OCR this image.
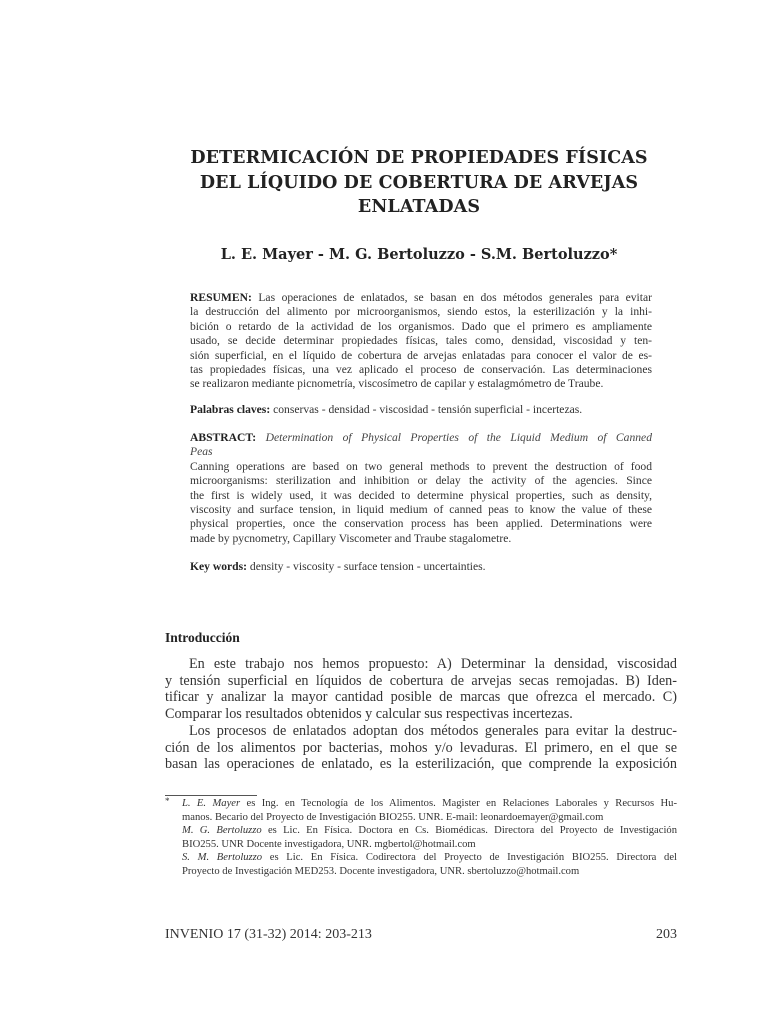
DETERMICACIÓN DE PROPIEDADES FÍSICAS
DEL LÍQUIDO DE COBERTURA DE ARVEJAS
ENLATADAS
L. E. Mayer - M. G. Bertoluzzo - S.M. Bertoluzzo*
RESUMEN: Las operaciones de enlatados, se basan en dos métodos generales para evitar
la destrucción del alimento por microorganismos, siendo estos, la esterilización y la inhi-
bición o retardo de la actividad de los organismos. Dado que el primero es ampliamente
usado, se decide determinar propiedades físicas, tales como, densidad, viscosidad y ten-
sión superficial, en el líquido de cobertura de arvejas enlatadas para conocer el valor de es-
tas propiedades físicas, una vez aplicado el proceso de conservación. Las determinaciones
se realizaron mediante picnometría, viscosímetro de capilar y estalagmómetro de Traube.
Palabras claves: conservas - densidad - viscosidad - tensión superficial - incertezas.
ABSTRACT: Determination of Physical Properties of the Liquid Medium of Canned
Peas
Canning operations are based on two general methods to prevent the destruction of food
microorganisms: sterilization and inhibition or delay the activity of the agencies. Since
the first is widely used, it was decided to determine physical properties, such as density,
viscosity and surface tension, in liquid medium of canned peas to know the value of these
physical properties, once the conservation process has been applied. Determinations were
made by pycnometry, Capillary Viscometer and Traube stagalometre.
Key words: density - viscosity - surface tension - uncertainties.
Introducción
En este trabajo nos hemos propuesto: A) Determinar la densidad, viscosidad
y tensión superficial en líquidos de cobertura de arvejas secas remojadas. B) Iden-
tificar y analizar la mayor cantidad posible de marcas que ofrezca el mercado. C)
Comparar los resultados obtenidos y calcular sus respectivas incertezas.
Los procesos de enlatados adoptan dos métodos generales para evitar la destruc-
ción de los alimentos por bacterias, mohos y/o levaduras. El primero, en el que se
basan las operaciones de enlatado, es la esterilización, que comprende la exposición
*	L. E. Mayer es Ing. en Tecnología de los Alimentos. Magister en Relaciones Laborales y Recursos Hu-
manos. Becario del Proyecto de Investigación BIO255. UNR. E-mail: leonardoemayer@gmail.com
M. G. Bertoluzzo es Lic. En Física. Doctora en Cs. Biomédicas. Directora del Proyecto de Investigación
BIO255. UNR Docente investigadora, UNR. mgbertol@hotmail.com
S. M. Bertoluzzo es Lic. En Física. Codirectora del Proyecto de Investigación BIO255. Directora del
Proyecto de Investigación MED253. Docente investigadora, UNR. sbertoluzzo@hotmail.com
INVENIO 17 (31-32) 2014: 203-213	203
